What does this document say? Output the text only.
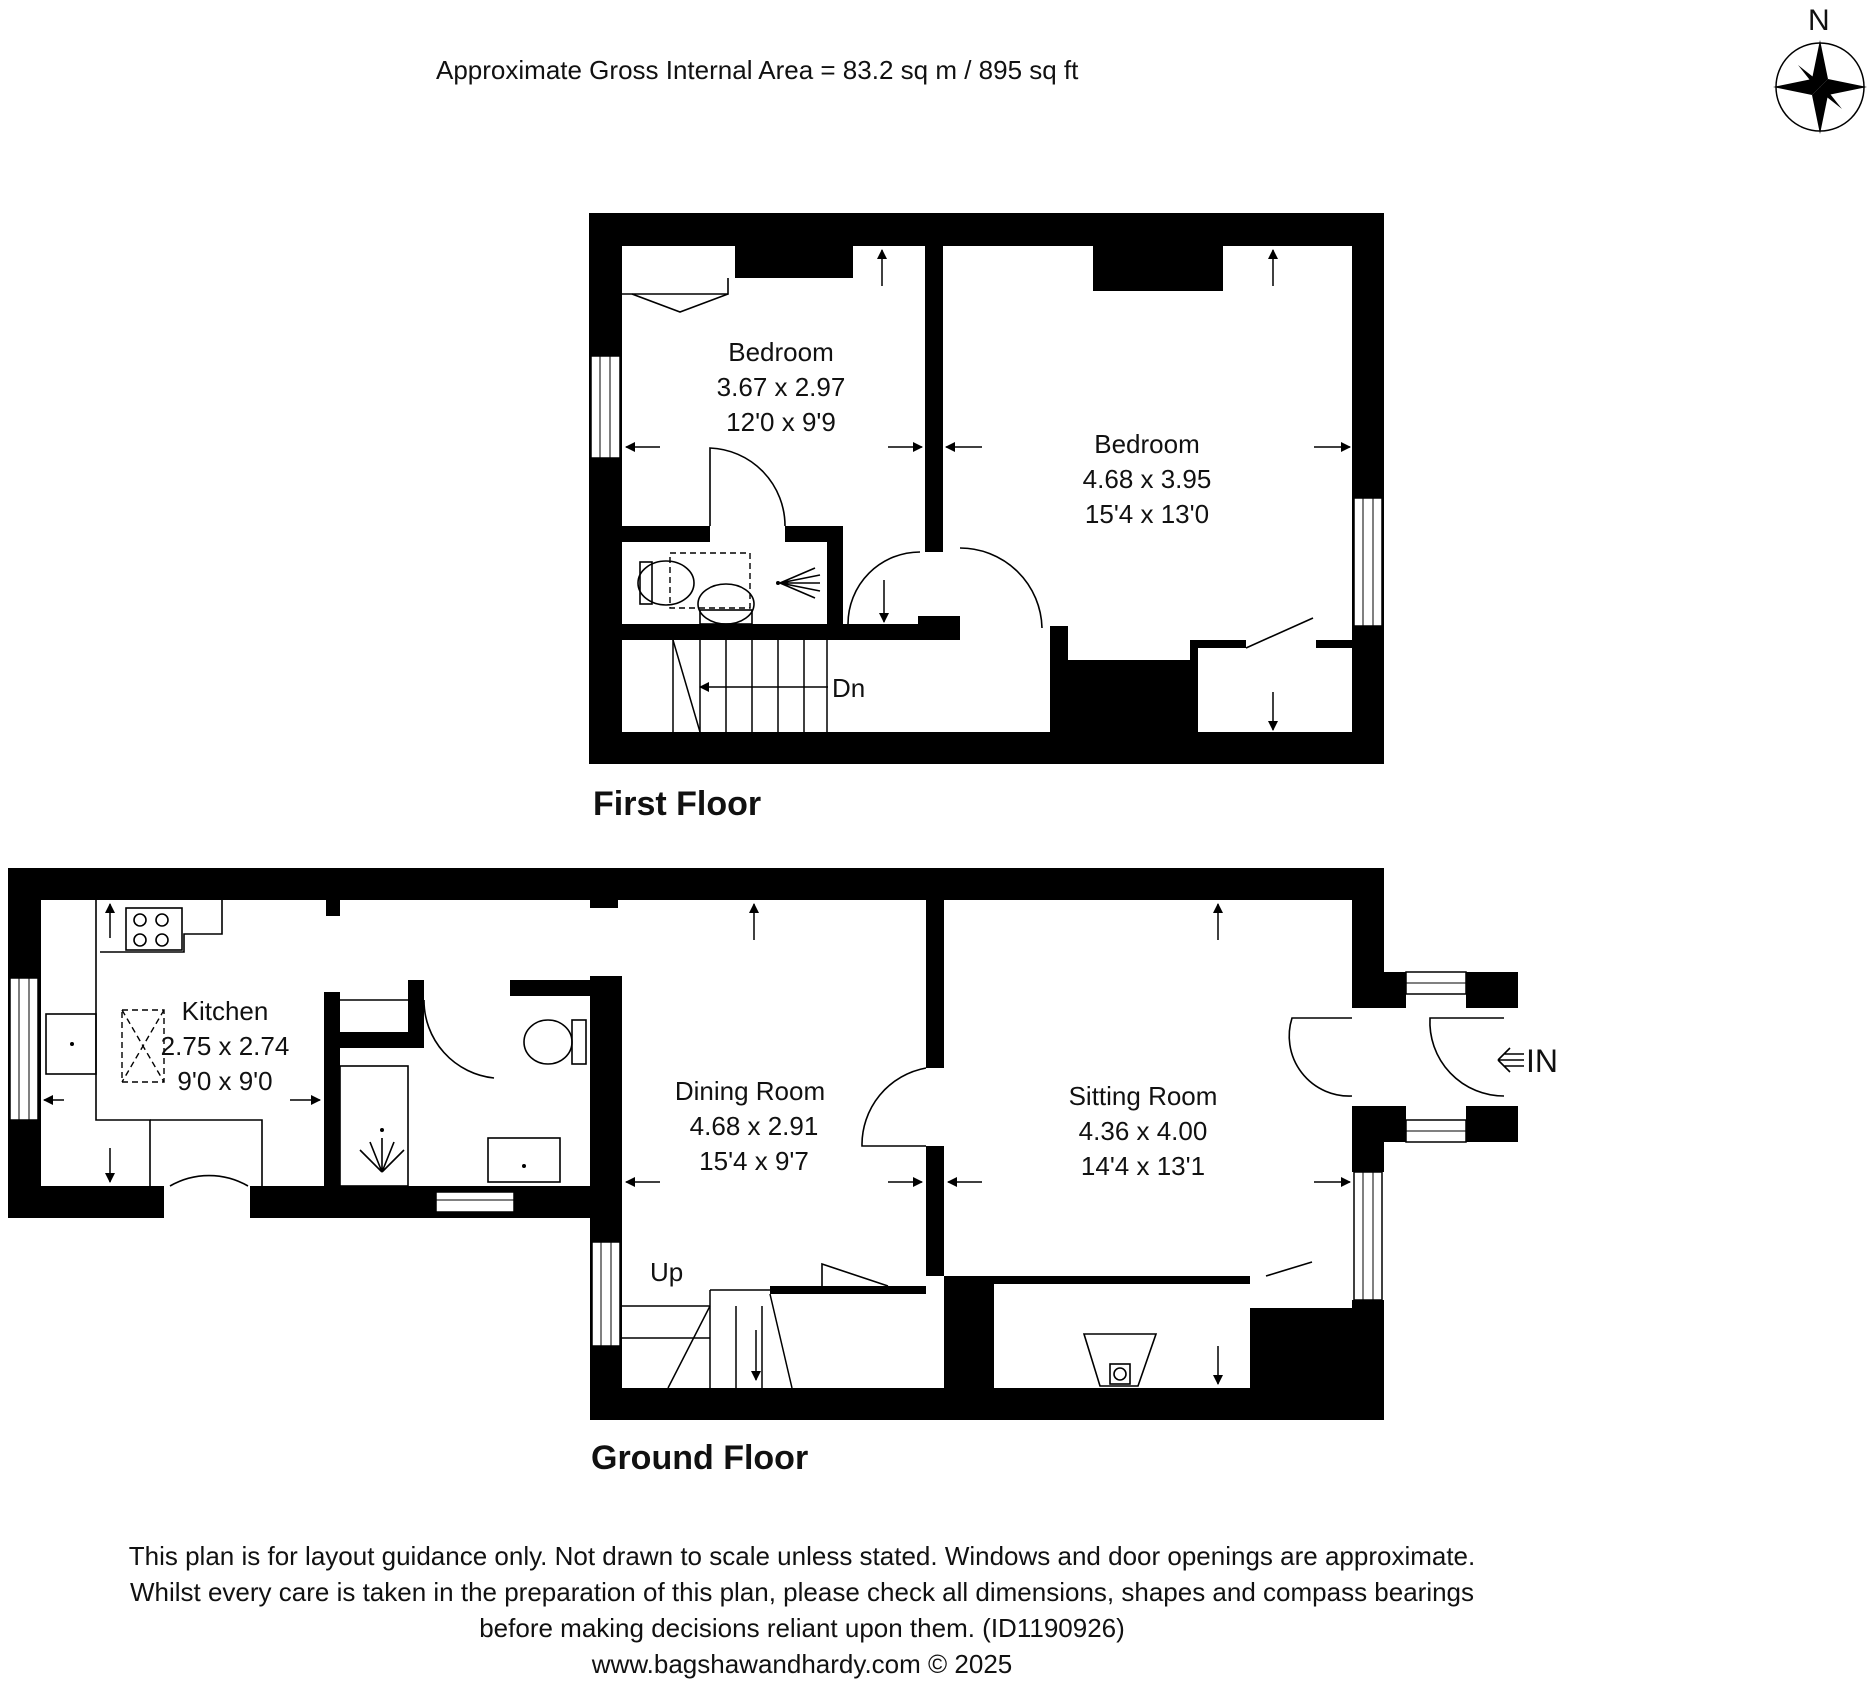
Approximate Gross Internal Area = 83.2 sq m / 895 sq ft
N
Dn
Bedroom
3.67 x 2.97
12'0 x 9'9
Bedroom
4.68 x 3.95
15'4 x 13'0
First Floor
Up
IN
Kitchen
2.75 x 2.74
9'0 x 9'0	Dining Room
4.68 x 2.91
15'4 x 9'7
Sitting Room
4.36 x 4.00
14'4 x 13'1
Ground Floor
This plan is for layout guidance only. Not drawn to scale unless stated. Windows and door openings are approximate.
Whilst every care is taken in the preparation of this plan, please check all dimensions, shapes and compass bearings
before making decisions reliant upon them. (ID1190926)
www.bagshawandhardy.com © 2025
